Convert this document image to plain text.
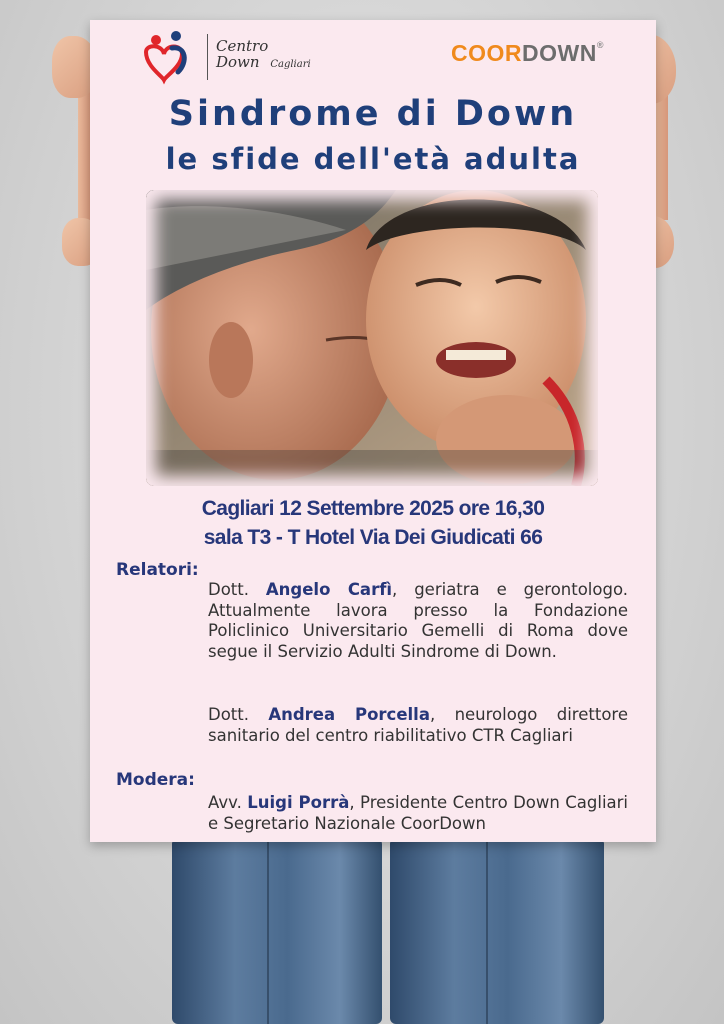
Centro
Down Cagliari	COORDOWN®
Sindrome di Down
le sfide dell'età adulta
Cagliari 12 Settembre 2025 ore 16,30
sala T3 - T Hotel Via Dei Giudicati 66
Relatori:
Dott. Angelo Carfì, geriatra e gerontologo. Attualmente lavora presso la Fondazione Policlinico Universitario Gemelli di Roma dove segue il Servizio Adulti Sindrome di Down.
Dott. Andrea Porcella, neurologo direttore sanitario del centro riabilitativo CTR Cagliari
Modera:
Avv. Luigi Porrà, Presidente Centro Down Cagliari e Segretario Nazionale CoorDown
